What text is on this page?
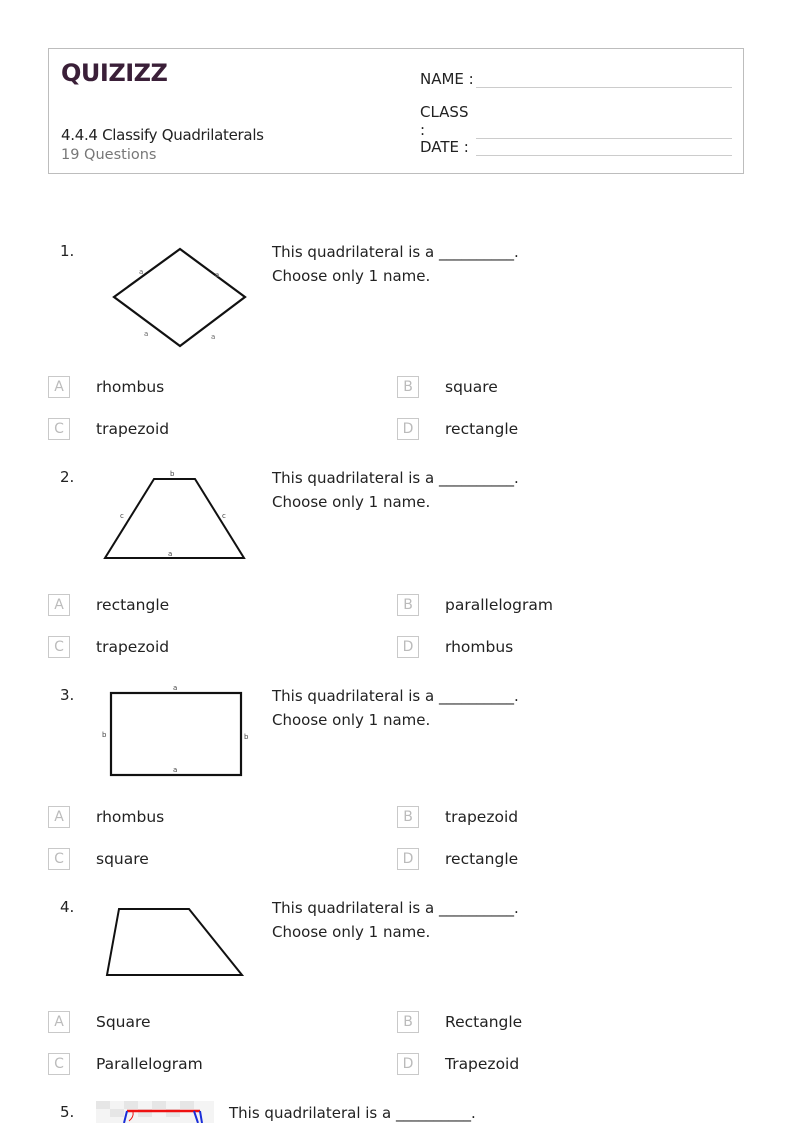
QUIZIZZ
4.4.4 Classify Quadrilaterals
19 Questions
NAME :
CLASS :
DATE :
1.
a	a
a	a
This quadrilateral is a __________.
Choose only 1 name.
A	rhombus	B	square
C	trapezoid	D	rectangle
2.	b
c	c
a
This quadrilateral is a __________.
Choose only 1 name.
A	rectangle	B	parallelogram
C	trapezoid	D	rhombus
3.	a
b	b
a
This quadrilateral is a __________.
Choose only 1 name.
A	rhombus	B	trapezoid
C	square	D	rectangle
4.	This quadrilateral is a __________.
Choose only 1 name.
A	Square	B	Rectangle
C	Parallelogram	D	Trapezoid
5.	This quadrilateral is a __________.
